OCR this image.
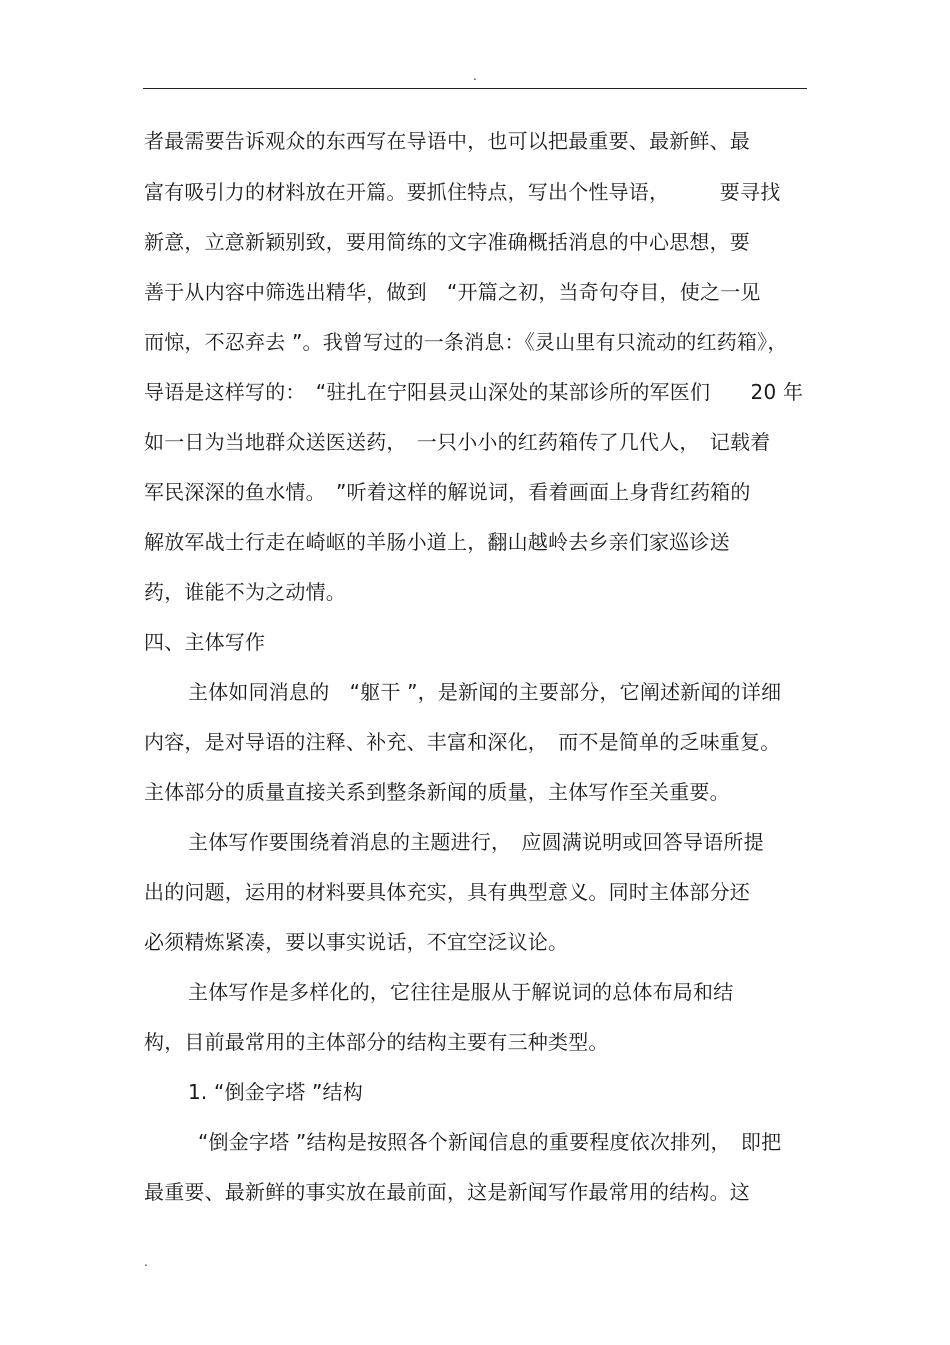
.
者最需要告诉观众的东西写在导语中，也可以把最重要、最新鲜、最
富有吸引力的材料放在开篇。要抓住特点，写出个性导语，　　　要寻找
新意，立意新颖别致，要用简练的文字准确概括消息的中心思想，要
善于从内容中筛选出精华，做到　“开篇之初，当奇句夺目，使之一见
而惊，不忍弃去 ”。我曾写过的一条消息：《灵山里有只流动的红药箱》，
导语是这样写的：　“驻扎在宁阳县灵山深处的某部诊所的军医们　　20 年
如一日为当地群众送医送药，　一只小小的红药箱传了几代人，　记载着
军民深深的鱼水情。　”听着这样的解说词，看着画面上身背红药箱的
解放军战士行走在崎岖的羊肠小道上，翻山越岭去乡亲们家巡诊送
药，谁能不为之动情。
四、主体写作
主体如同消息的　“躯干 ”，是新闻的主要部分，它阐述新闻的详细
内容，是对导语的注释、补充、丰富和深化，　而不是简单的乏味重复。
主体部分的质量直接关系到整条新闻的质量，主体写作至关重要。
主体写作要围绕着消息的主题进行，　应圆满说明或回答导语所提
出的问题，运用的材料要具体充实，具有典型意义。同时主体部分还
必须精炼紧凑，要以事实说话，不宜空泛议论。
主体写作是多样化的，它往往是服从于解说词的总体布局和结
构，目前最常用的主体部分的结构主要有三种类型。
1. “倒金字塔 ”结构
“倒金字塔 ”结构是按照各个新闻信息的重要程度依次排列，　即把
最重要、最新鲜的事实放在最前面，这是新闻写作最常用的结构。这
.
